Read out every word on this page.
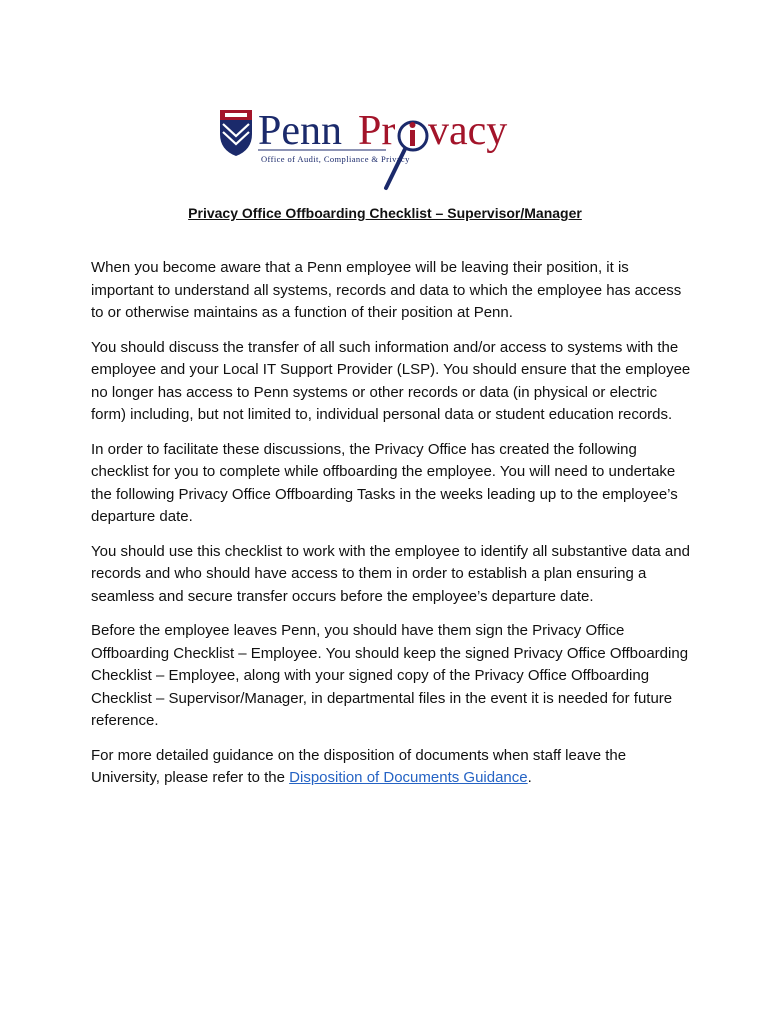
Penn Pr vacy
Office of Audit, Compliance & Privacy
Privacy Office Offboarding Checklist – Supervisor/Manager

When you become aware that a Penn employee will be leaving their position, it is important to understand all systems, records and data to which the employee has access to or otherwise maintains as a function of their position at Penn.

You should discuss the transfer of all such information and/or access to systems with the employee and your Local IT Support Provider (LSP). You should ensure that the employee no longer has access to Penn systems or other records or data (in physical or electric form) including, but not limited to, individual personal data or student education records.

In order to facilitate these discussions, the Privacy Office has created the following checklist for you to complete while offboarding the employee. You will need to undertake the following Privacy Office Offboarding Tasks in the weeks leading up to the employee’s departure date.

You should use this checklist to work with the employee to identify all substantive data and records and who should have access to them in order to establish a plan ensuring a seamless and secure transfer occurs before the employee’s departure date.

Before the employee leaves Penn, you should have them sign the Privacy Office Offboarding Checklist – Employee. You should keep the signed Privacy Office Offboarding Checklist – Employee, along with your signed copy of the Privacy Office Offboarding Checklist – Supervisor/Manager, in departmental files in the event it is needed for future reference.

For more detailed guidance on the disposition of documents when staff leave the University, please refer to the Disposition of Documents Guidance.
